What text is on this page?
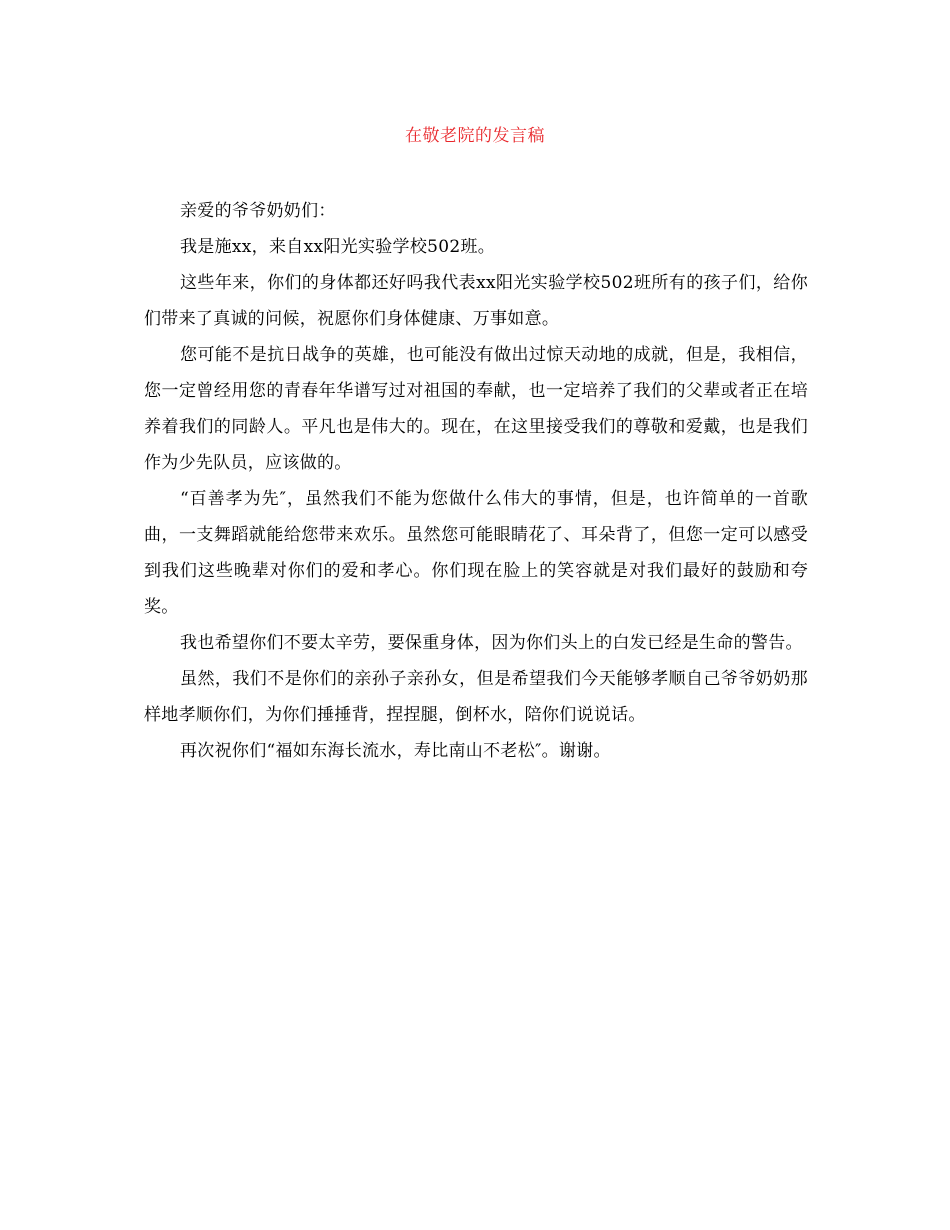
在敬老院的发言稿

亲爱的爷爷奶奶们：

我是施xx，来自xx阳光实验学校502班。

这些年来，你们的身体都还好吗我代表xx阳光实验学校502班所有的孩子们，给你们带来了真诚的问候，祝愿你们身体健康、万事如意。

您可能不是抗日战争的英雄，也可能没有做出过惊天动地的成就，但是，我相信，您一定曾经用您的青春年华谱写过对祖国的奉献，也一定培养了我们的父辈或者正在培养着我们的同龄人。平凡也是伟大的。现在，在这里接受我们的尊敬和爱戴，也是我们作为少先队员，应该做的。

“百善孝为先″，虽然我们不能为您做什么伟大的事情，但是，也许简单的一首歌曲，一支舞蹈就能给您带来欢乐。虽然您可能眼睛花了、耳朵背了，但您一定可以感受到我们这些晚辈对你们的爱和孝心。你们现在脸上的笑容就是对我们最好的鼓励和夸奖。

我也希望你们不要太辛劳，要保重身体，因为你们头上的白发已经是生命的警告。

虽然，我们不是你们的亲孙子亲孙女，但是希望我们今天能够孝顺自己爷爷奶奶那样地孝顺你们，为你们捶捶背，捏捏腿，倒杯水，陪你们说说话。

再次祝你们“福如东海长流水，寿比南山不老松″。谢谢。
